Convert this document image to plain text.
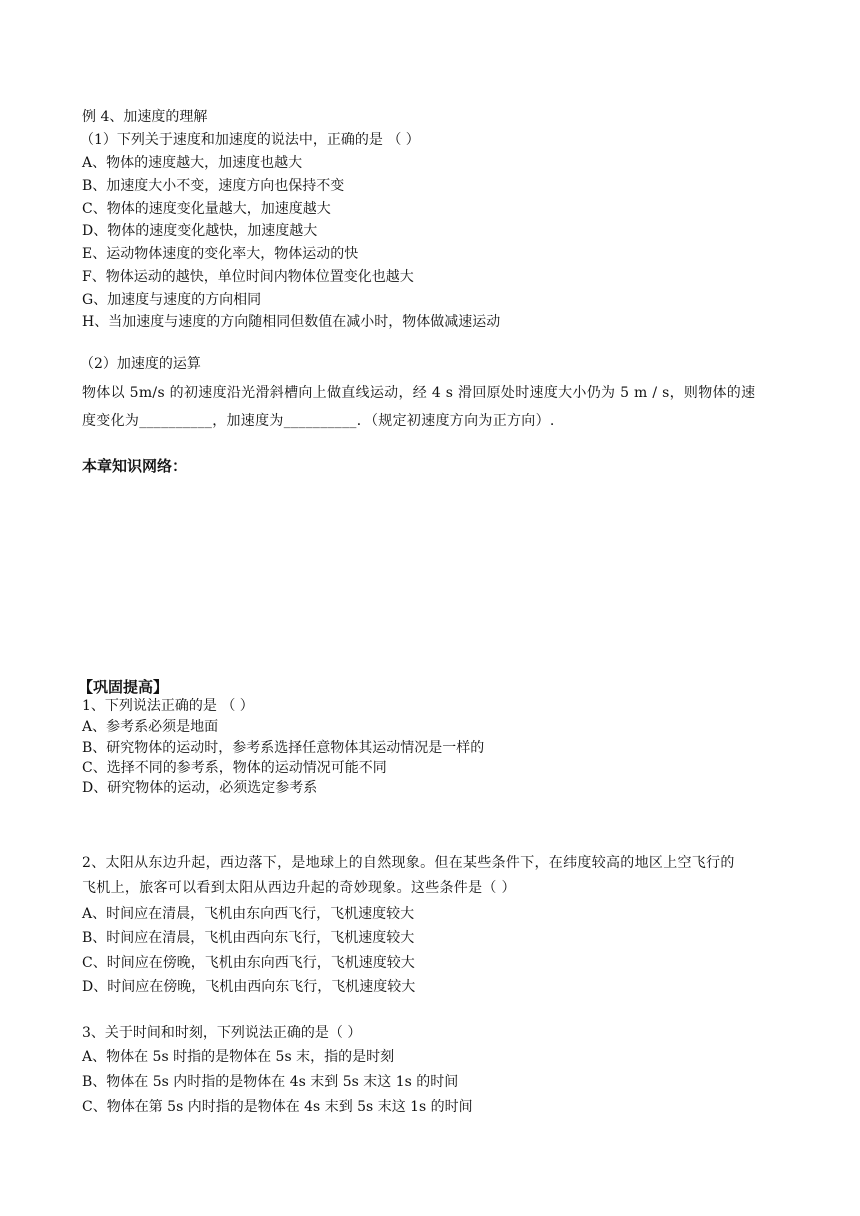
例 4、加速度的理解
（1）下列关于速度和加速度的说法中，正确的是 （ ）
A、物体的速度越大，加速度也越大
B、加速度大小不变，速度方向也保持不变
C、物体的速度变化量越大，加速度越大
D、物体的速度变化越快，加速度越大
E、运动物体速度的变化率大，物体运动的快
F、物体运动的越快，单位时间内物体位置变化也越大
G、加速度与速度的方向相同
H、当加速度与速度的方向随相同但数值在减小时，物体做减速运动
（2）加速度的运算
物体以 5m/s 的初速度沿光滑斜槽向上做直线运动，经 4 s 滑回原处时速度大小仍为 5 m / s，则物体的速
度变化为__________，加速度为__________．（规定初速度方向为正方向）.
本章知识网络：
【巩固提高】
1、下列说法正确的是 （ ）
A、参考系必须是地面
B、研究物体的运动时，参考系选择任意物体其运动情况是一样的
C、选择不同的参考系，物体的运动情况可能不同
D、研究物体的运动，必须选定参考系
2、太阳从东边升起，西边落下，是地球上的自然现象。但在某些条件下，在纬度较高的地区上空飞行的
飞机上，旅客可以看到太阳从西边升起的奇妙现象。这些条件是（ ）
A、时间应在清晨，飞机由东向西飞行，飞机速度较大
B、时间应在清晨，飞机由西向东飞行，飞机速度较大
C、时间应在傍晚，飞机由东向西飞行，飞机速度较大
D、时间应在傍晚，飞机由西向东飞行，飞机速度较大
3、关于时间和时刻，下列说法正确的是（ ）
A、物体在 5s 时指的是物体在 5s 末，指的是时刻
B、物体在 5s 内时指的是物体在 4s 末到 5s 末这 1s 的时间
C、物体在第 5s 内时指的是物体在 4s 末到 5s 末这 1s 的时间
